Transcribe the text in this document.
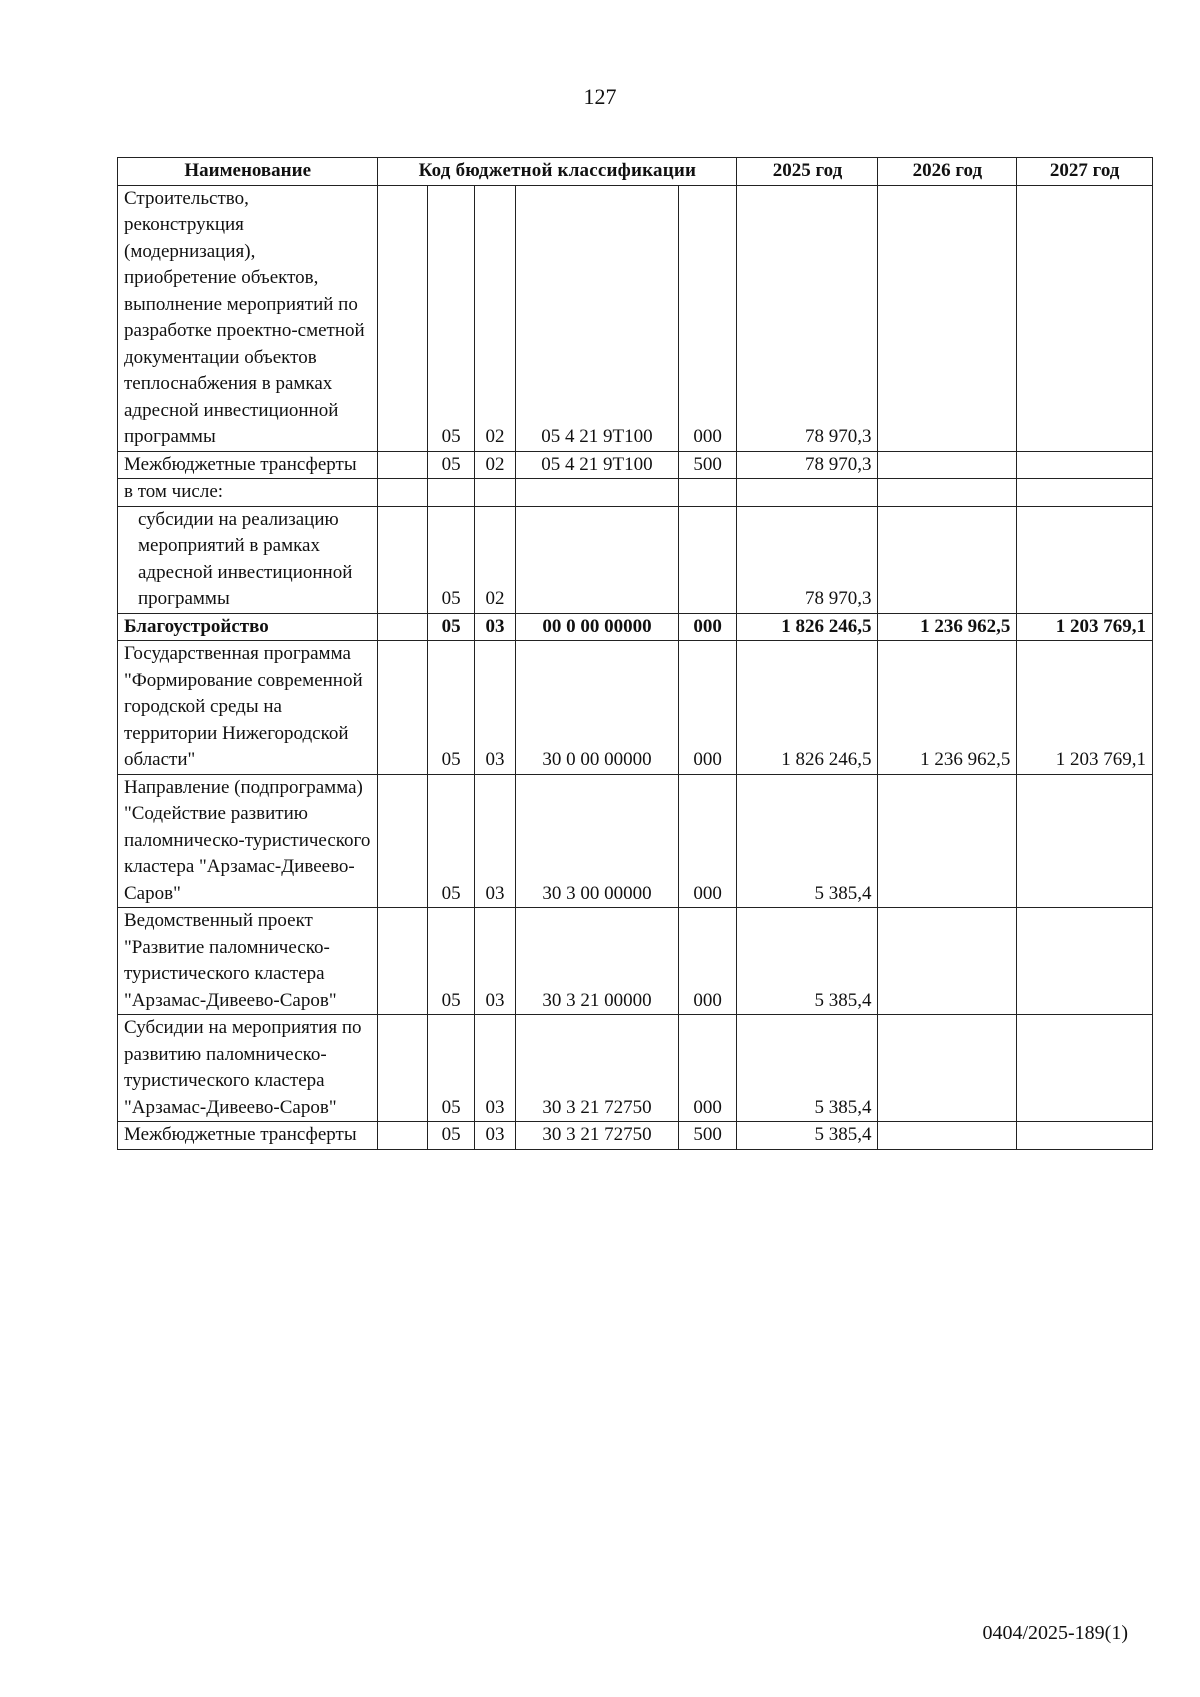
127
Наименование	Код бюджетной классификации					2025 год	2026 год	2027 год
Строительство, реконструкция (модернизация), приобретение объектов, выполнение мероприятий по разработке проектно-сметной документации объектов теплоснабжения в рамках адресной инвестиционной программы		05	02	05 4 21 9Т100	000	78 970,3		
Межбюджетные трансферты		05	02	05 4 21 9Т100	500	78 970,3		
в том числе:								
субсидии на реализацию мероприятий в рамках адресной инвестиционной программы		05	02			78 970,3		
Благоустройство		05	03	00 0 00 00000	000	1 826 246,5	1 236 962,5	1 203 769,1
Государственная программа "Формирование современной городской среды на территории Нижегородской области"		05	03	30 0 00 00000	000	1 826 246,5	1 236 962,5	1 203 769,1
Направление (подпрограмма) "Содействие развитию паломническо-туристического кластера "Арзамас-Дивеево-Саров"		05	03	30 3 00 00000	000	5 385,4		
Ведомственный проект "Развитие паломническо-туристического кластера "Арзамас-Дивеево-Саров"		05	03	30 3 21 00000	000	5 385,4		
Субсидии на мероприятия по развитию паломническо-туристического кластера "Арзамас-Дивеево-Саров"		05	03	30 3 21 72750	000	5 385,4		
Межбюджетные трансферты		05	03	30 3 21 72750	500	5 385,4		
0404/2025-189(1)
